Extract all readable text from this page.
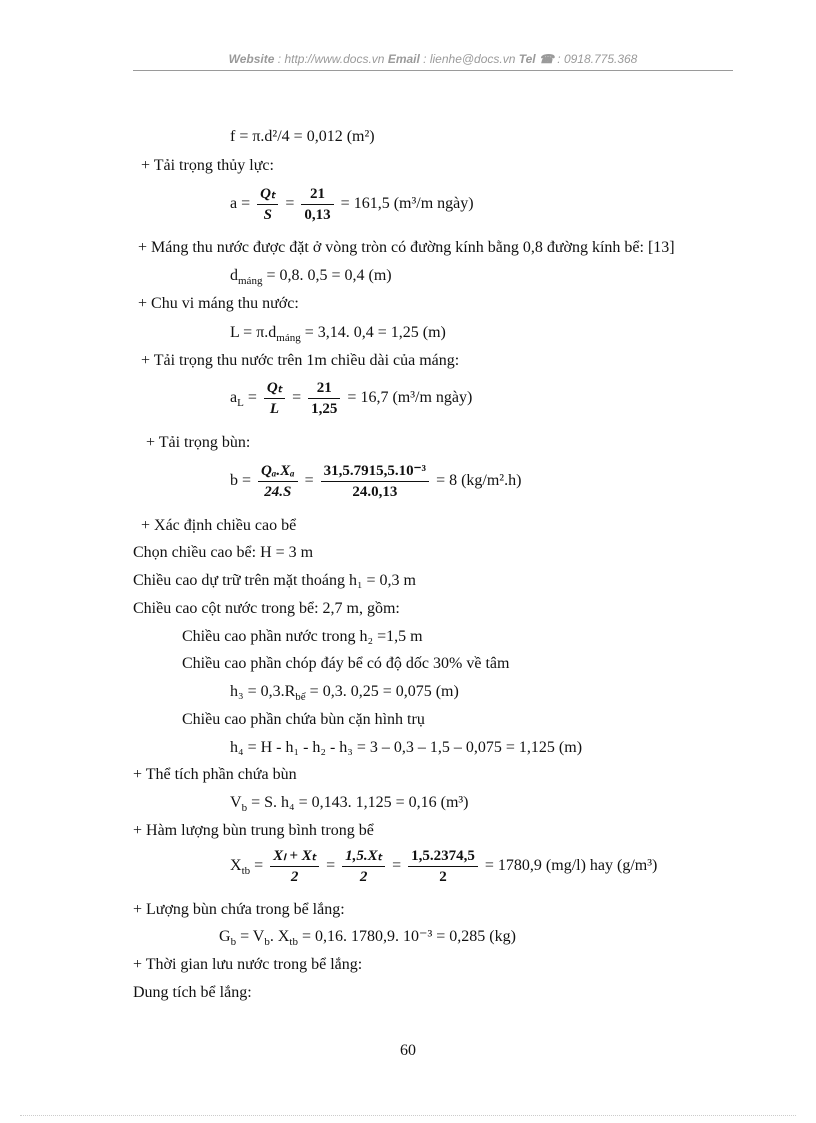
Website : http://www.docs.vn Email : lienhe@docs.vn Tel ☎ : 0918.775.368
f = π.d²/4 = 0,012 (m²)
+ Tải trọng thủy lực:
$a = \frac{\text{Qₜ}}{S} = \frac{21}{0,13} = 161,5$ (m³/m ngày)
+ Máng thu nước được đặt ở vòng tròn có đường kính bằng 0,8 đường kính bể: [13]
$d_{máng} = 0,8$. 0,5 = 0,4 (m)
+ Chu vi máng thu nước:
$L = \pi.d_{máng} = 3,14$. 0,4 = 1,25 (m)
+ Tải trọng thu nước trên 1m chiều dài của máng:
$a_L = \frac{\text{Qₜ}}{L} = \frac{21}{1,25} = 16,7$ (m³/m ngày)
+ Tải trọng bùn:
$b = \frac{\text{Qₐ.Xₐ}}{24.S} = \frac{\text{31,5.7915,5.10⁻³}}{24.0,13} = 8$ (kg/m².h)
+ Xác định chiều cao bể
Chọn chiều cao bể: H = 3 m
Chiều cao dự trữ trên mặt thoáng h₁ = 0,3 m
Chiều cao cột nước trong bể: 2,7 m, gồm:
Chiều cao phần nước trong h₂ =1,5 m
Chiều cao phần chóp đáy bể có độ dốc 30% về tâm
$h_3 = 0,3.R_{bể} = 0,3$. 0,25 = 0,075 (m)
Chiều cao phần chứa bùn cặn hình trụ
h₄ = H - h₁ - h₂ - h₃ = 3 – 0,3 – 1,5 – 0,075 = 1,125 (m)
+ Thể tích phần chứa bùn
$V_b = S$. h₄ = 0,143. 1,125 = 0,16 (m³)
+ Hàm lượng bùn trung bình trong bể
$X_{tb} = \frac{\text{Xₗ + Xₜ}}{2} = \frac{\text{1,5.Xₜ}}{2} = \frac{1,5.2374,5}{2} = 1780,9$ (mg/l) hay (g/m³)
+ Lượng bùn chứa trong bể lắng:
$G_b = V_b$. $X_{tb} = 0,16$. 1780,9. 10⁻³ = 0,285 (kg)
+ Thời gian lưu nước trong bể lắng:
Dung tích bể lắng:
60
